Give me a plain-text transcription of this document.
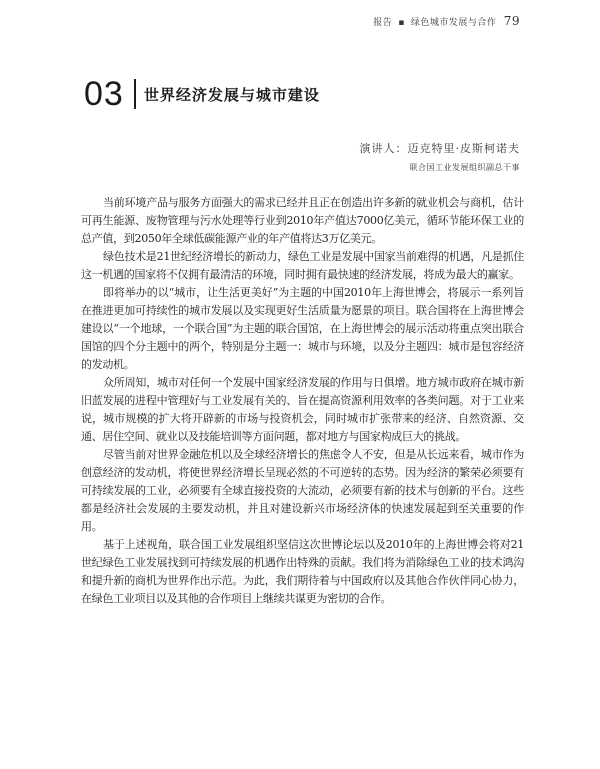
报告 ▪ 绿色城市发展与合作 79
03 世界经济发展与城市建设
演讲人：迈克特里·皮斯柯诺夫
联合国工业发展组织副总干事

当前环境产品与服务方面强大的需求已经并且正在创造出许多新的就业机会与商机，估计可再生能源、废物管理与污水处理等行业到2010年产值达7000亿美元，循环节能环保工业的总产值，到2050年全球低碳能源产业的年产值将达3万亿美元。

绿色技术是21世纪经济增长的新动力，绿色工业是发展中国家当前难得的机遇，凡是抓住这一机遇的国家将不仅拥有最清洁的环境，同时拥有最快速的经济发展，将成为最大的赢家。

即将举办的以“城市，让生活更美好”为主题的中国2010年上海世博会，将展示一系列旨在推进更加可持续性的城市发展以及实现更好生活质量为愿景的项目。联合国将在上海世博会建设以“一个地球，一个联合国”为主题的联合国馆，在上海世博会的展示活动将重点突出联合国馆的四个分主题中的两个，特别是分主题一：城市与环境，以及分主题四：城市是包容经济的发动机。

众所周知，城市对任何一个发展中国家经济发展的作用与日俱增。地方城市政府在城市新旧蓝发展的进程中管理好与工业发展有关的、旨在提高资源利用效率的各类问题。对于工业来说，城市规模的扩大将开辟新的市场与投资机会，同时城市扩张带来的经济、自然资源、交通、居住空间、就业以及技能培训等方面问题，都对地方与国家构成巨大的挑战。

尽管当前对世界金融危机以及全球经济增长的焦虑令人不安，但是从长远来看，城市作为创意经济的发动机，将使世界经济增长呈现必然的不可逆转的态势。因为经济的繁荣必须要有可持续发展的工业，必须要有全球直接投资的大流动，必须要有新的技术与创新的平台。这些都是经济社会发展的主要发动机，并且对建设新兴市场经济体的快速发展起到至关重要的作用。

基于上述视角，联合国工业发展组织坚信这次世博论坛以及2010年的上海世博会将对21世纪绿色工业发展找到可持续发展的机遇作出特殊的贡献。我们将为消除绿色工业的技术鸿沟和提升新的商机为世界作出示范。为此，我们期待着与中国政府以及其他合作伙伴同心协力，在绿色工业项目以及其他的合作项目上继续共谋更为密切的合作。
